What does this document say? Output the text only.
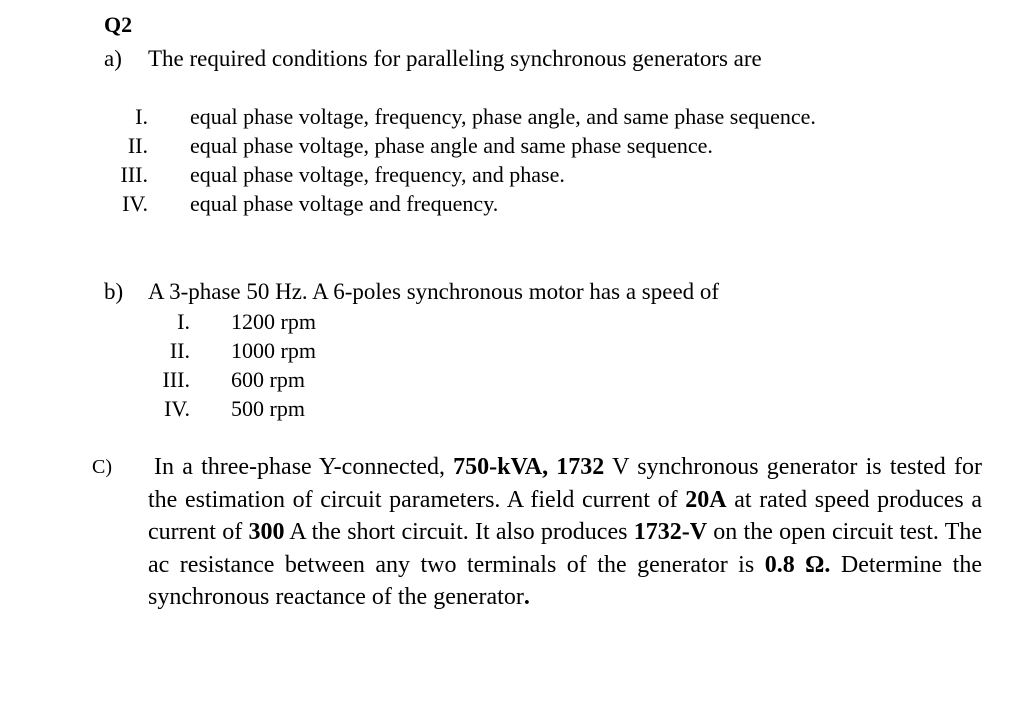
Q2
a) The required conditions for paralleling synchronous generators are
I. equal phase voltage, frequency, phase angle, and same phase sequence.
II. equal phase voltage, phase angle and same phase sequence.
III. equal phase voltage, frequency, and phase.
IV. equal phase voltage and frequency.
b) A 3-phase 50 Hz. A 6-poles synchronous motor has a speed of
I. 1200 rpm
II. 1000 rpm
III. 600 rpm
IV. 500 rpm
C) In a three-phase Y-connected, 750-kVA, 1732 V synchronous generator is tested for the estimation of circuit parameters. A field current of 20A at rated speed produces a current of 300 A the short circuit. It also produces 1732-V on the open circuit test. The ac resistance between any two terminals of the generator is 0.8 Ω. Determine the synchronous reactance of the generator.
